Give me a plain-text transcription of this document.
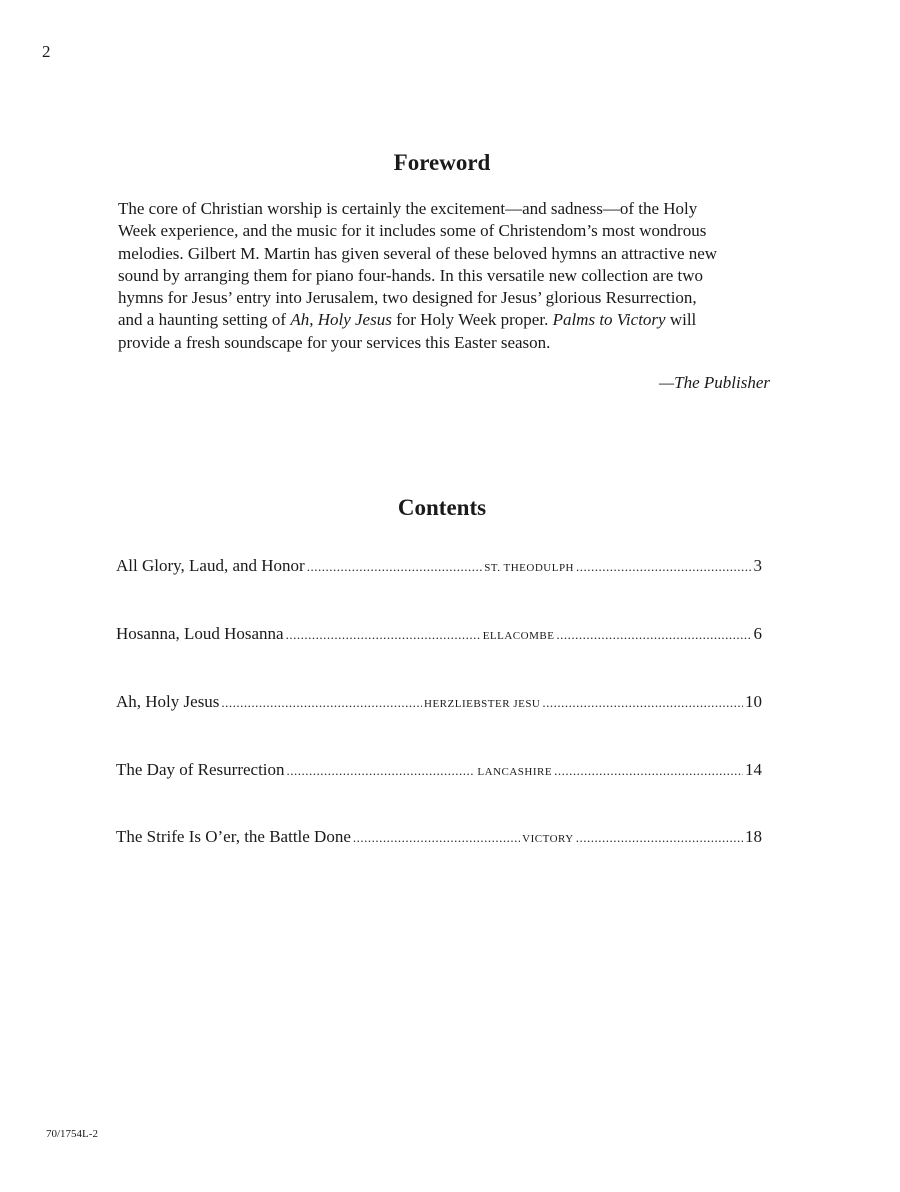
2
Foreword

The core of Christian worship is certainly the excitement—and sadness—of the Holy
Week experience, and the music for it includes some of Christendom’s most wondrous
melodies. Gilbert M. Martin has given several of these beloved hymns an attractive new
sound by arranging them for piano four-hands. In this versatile new collection are two
hymns for Jesus’ entry into Jerusalem, two designed for Jesus’ glorious Resurrection,
and a haunting setting of Ah, Holy Jesus for Holy Week proper. Palms to Victory will
provide a fresh soundscape for your services this Easter season.

—The Publisher
Contents
All Glory, Laud, and Honor .....	ST. THEODULPH .....	3
Hosanna, Loud Hosanna .....	ELLACOMBE .....	6
Ah, Holy Jesus .....	HERZLIEBSTER JESU .....	10
The Day of Resurrection .....	LANCASHIRE .....	14
The Strife Is O’er, the Battle Done .....	VICTORY .....	18
70/1754L-2
